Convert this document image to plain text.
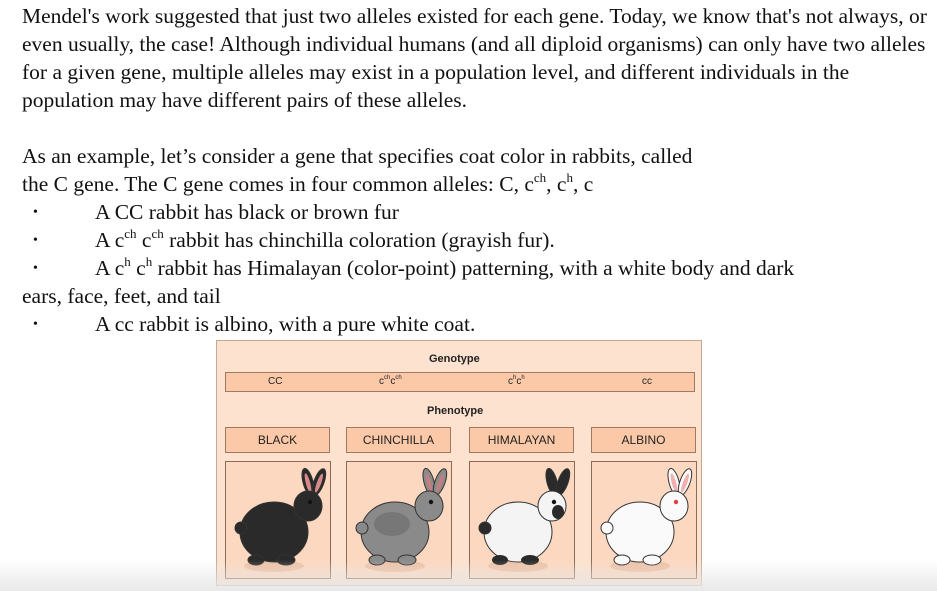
Mendel's work suggested that just two alleles existed for each gene. Today, we know that's not always, or even usually, the case! Although individual humans (and all diploid organisms) can only have two alleles for a given gene, multiple alleles may exist in a population level, and different individuals in the population may have different pairs of these alleles.

As an example, let’s consider a gene that specifies coat color in rabbits, called
the C gene. The C gene comes in four common alleles: C, $c^{ch}$, $c^h$, c
•	A CC rabbit has black or brown fur
•	A $c^{ch}$ $c^{ch}$ rabbit has chinchilla coloration (grayish fur).
•	A $c^h$ $c^h$ rabbit has Himalayan (color-point) patterning, with a white body and dark
ears, face, feet, and tail
•	A cc rabbit is albino, with a pure white coat.
Genotype
CC	$c^{ch}c^{ch}$	$c^hc^h$	cc
Phenotype
BLACK	CHINCHILLA	HIMALAYAN	ALBINO
